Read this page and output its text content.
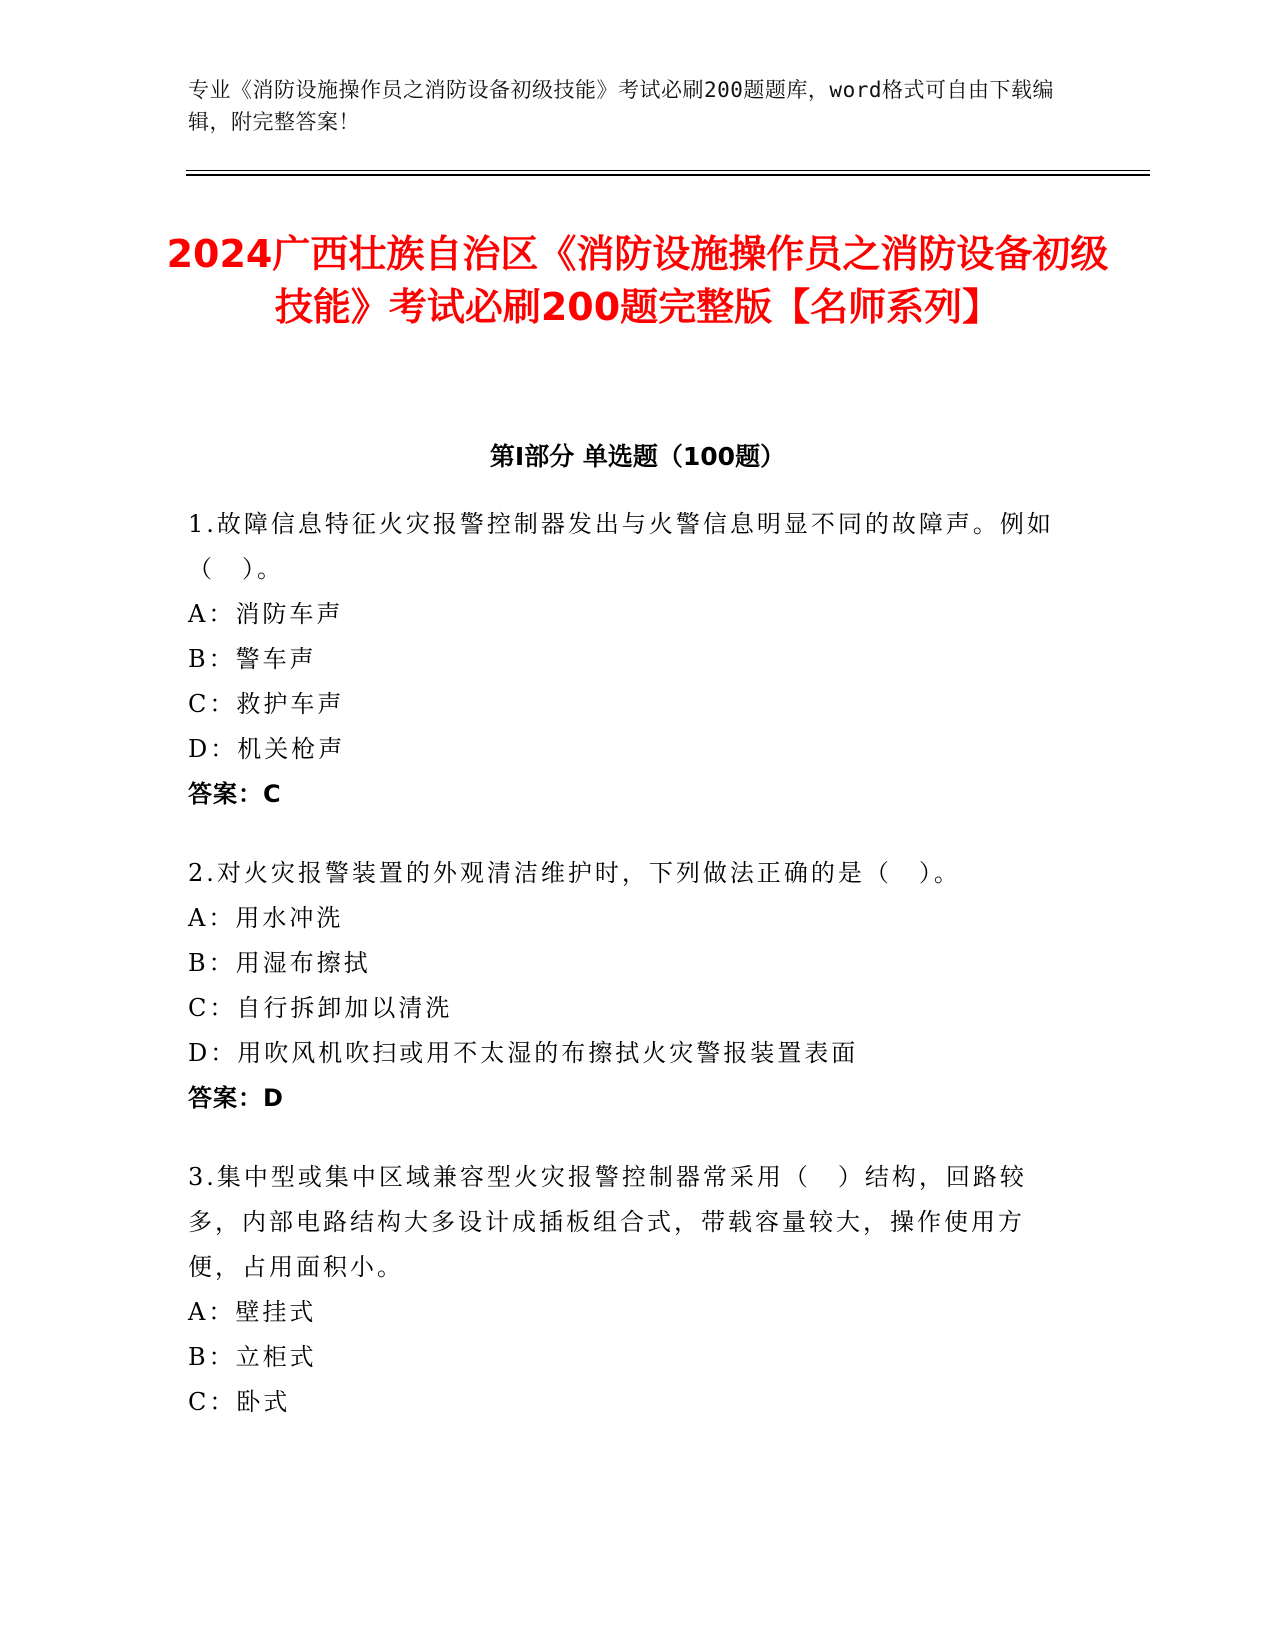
专业《消防设施操作员之消防设备初级技能》考试必刷200题题库，word格式可自由下载编辑，附完整答案！
2024广西壮族自治区《消防设施操作员之消防设备初级技能》考试必刷200题完整版【名师系列】
第I部分 单选题（100题）
1.故障信息特征火灾报警控制器发出与火警信息明显不同的故障声。例如（　）。
A：消防车声
B：警车声
C：救护车声
D：机关枪声
答案：C
2.对火灾报警装置的外观清洁维护时，下列做法正确的是（　）。
A：用水冲洗
B：用湿布擦拭
C：自行拆卸加以清洗
D：用吹风机吹扫或用不太湿的布擦拭火灾警报装置表面
答案：D
3.集中型或集中区域兼容型火灾报警控制器常采用（　）结构，回路较多，内部电路结构大多设计成插板组合式，带载容量较大，操作使用方便，占用面积小。
A：壁挂式
B：立柜式
C：卧式
